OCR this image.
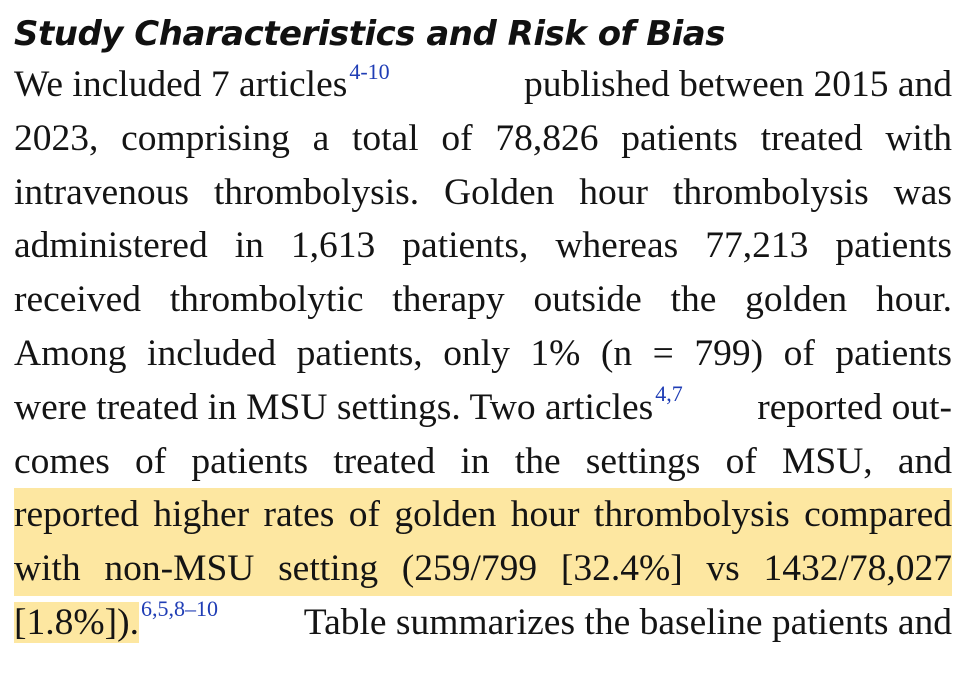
Study Characteristics and Risk of Bias
We included 7 articles$^{4-10}$	published between 2015 and
2023, comprising a total of 78,826 patients treated with
intravenous thrombolysis. Golden hour thrombolysis was
administered in 1,613 patients, whereas 77,213 patients
received thrombolytic therapy outside the golden hour.
Among included patients, only 1% (n = 799) of patients
were treated in MSU settings. Two articles$^{4,7}$ reported out-
comes of patients treated in the settings of MSU, and
reported higher rates of golden hour thrombolysis compared
with non-MSU setting (259/799 [32.4%] vs 1432/78,027
[1.8%]).$^{6,5,8-10}$ Table summarizes the baseline patients and
